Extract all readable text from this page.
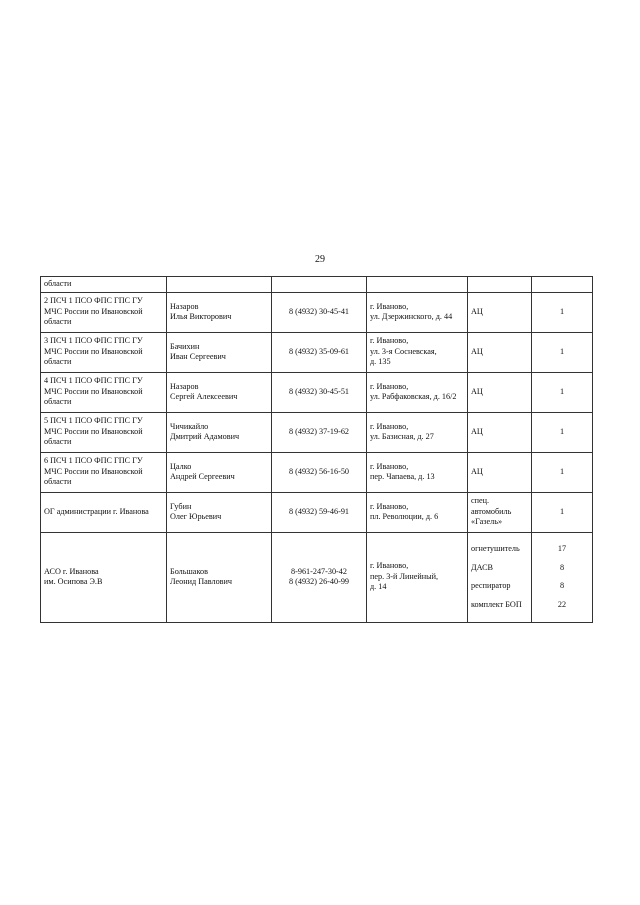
29
области					

2 ПСЧ 1 ПСО ФПС ГПС ГУ
МЧС России по Ивановской
области	Назаров
Илья Викторович	8 (4932) 30-45-41	г. Иваново,
ул. Дзержинского, д. 44	АЦ	1

3 ПСЧ 1 ПСО ФПС ГПС ГУ
МЧС России по Ивановской
области	Бачихин
Иван Сергеевич	8 (4932) 35-09-61	г. Иваново,
ул. 3-я Сосневская,
д. 135	АЦ	1

4 ПСЧ 1 ПСО ФПС ГПС ГУ
МЧС России по Ивановской
области	Назаров
Сергей Алексеевич	8 (4932) 30-45-51	г. Иваново,
ул. Рабфаковская, д. 16/2	АЦ	1

5 ПСЧ 1 ПСО ФПС ГПС ГУ
МЧС России по Ивановской
области	Чичикайло
Дмитрий Адамович	8 (4932) 37-19-62	г. Иваново,
ул. Базисная, д. 27	АЦ	1

6 ПСЧ 1 ПСО ФПС ГПС ГУ
МЧС России по Ивановской
области	Цалко
Андрей Сергеевич	8 (4932) 56-16-50	г. Иваново,
пер. Чапаева, д. 13	АЦ	1

ОГ администрации г. Иванова	Губин
Олег Юрьевич	8 (4932) 59-46-91	г. Иваново,
пл. Революции, д. 6	спец.
автомобиль
«Газель»	1

АСО г. Иванова
им. Осипова Э.В	Большаков
Леонид Павлович	8-961-247-30-42
8 (4932) 26-40-99	г. Иваново,
пер. 3-й Линейный,
д. 14	огнетушитель
ДАСВ
респиратор
комплект БОП	17
8
8
22
